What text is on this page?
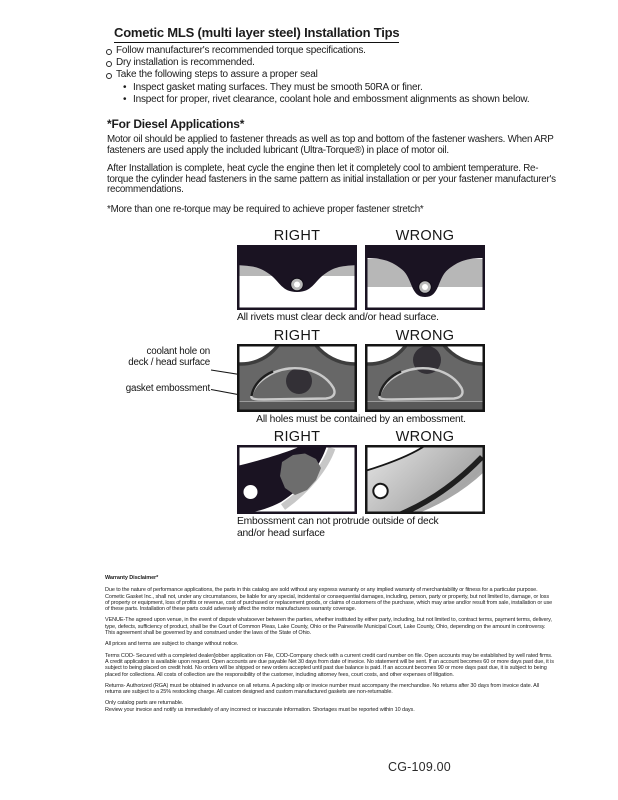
Cometic MLS (multi layer steel) Installation Tips
Follow manufacturer's recommended torque specifications.
Dry installation is recommended.
Take the following steps to assure a proper seal
• Inspect gasket mating surfaces. They must be smooth 50RA or finer.
• Inspect for proper, rivet clearance, coolant hole and embossment alignments as shown below.
*For Diesel Applications*
Motor oil should be applied to fastener threads as well as top and bottom of the fastener washers. When ARP fasteners are used apply the included lubricant (Ultra-Torque®) in place of motor oil.
After Installation is complete, heat cycle the engine then let it completely cool to ambient temperature. Re-torque the cylinder head fasteners in the same pattern as initial installation or per your fastener manufacturer's recommendations.
*More than one re-torque may be required to achieve proper fastener stretch*
RIGHT	WRONG
All rivets must clear deck and/or head surface.
RIGHT	WRONG
coolant hole on
deck / head surface
gasket embossment
All holes must be contained by an embossment.
RIGHT	WRONG
Embossment can not protrude outside of deck and/or head surface

Warranty Disclaimer*

Due to the nature of performance applications, the parts in this catalog are sold without any express warranty or any implied warranty of merchantability or fitness for a particular purpose. Cometic Gasket Inc., shall not, under any circumstances, be liable for any special, incidental or consequential damages, including, person, party or property, but not limited to, damage, or loss of property or equipment, loss of profits or revenue, cost of purchased or replacement goods, or claims of customers of the purchase, which may arise and/or result from sale, installation or use of these parts. Installation of these parts could adversely affect the motor manufacturers warranty coverage.

VENUE-The agreed upon venue, in the event of dispute whatsoever between the parties, whether instituted by either party, including, but not limited to, contract terms, payment terms, delivery, type, defects, sufficiency of product, shall be the Court of Common Pleas, Lake County, Ohio or the Painesville Municipal Court, Lake County, Ohio, depending on the amount in controversy.

This agreement shall be governed by and construed under the laws of the State of Ohio.

All prices and terms are subject to change without notice.

Terms COD- Secured with a completed dealer/jobber application on File, COD-Company check with a current credit card number on file. Open accounts may be established by well rated firms. A credit application is available upon request. Open accounts are due payable Net 30 days from date of invoice. No statement will be sent. If an account becomes 60 or more days past due, it is subject to being placed on credit hold. No orders will be shipped or new orders accepted until past due balance is paid. If an account becomes 90 or more days past due, it is subject to being placed for collections. All costs of collection are the responsibility of the customer, including attorney fees, court costs, and other expenses of litigation.

Returns- Authorized (RGA) must be obtained in advance on all returns. A packing slip or invoice number must accompany the merchandise. No returns after 30 days from invoice date. All returns are subject to a 25% restocking charge. All custom designed and custom manufactured gaskets are non-returnable.

Only catalog parts are returnable.

Review your invoice and notify us immediately of any incorrect or inaccurate information. Shortages must be reported within 10 days.

CG-109.00
